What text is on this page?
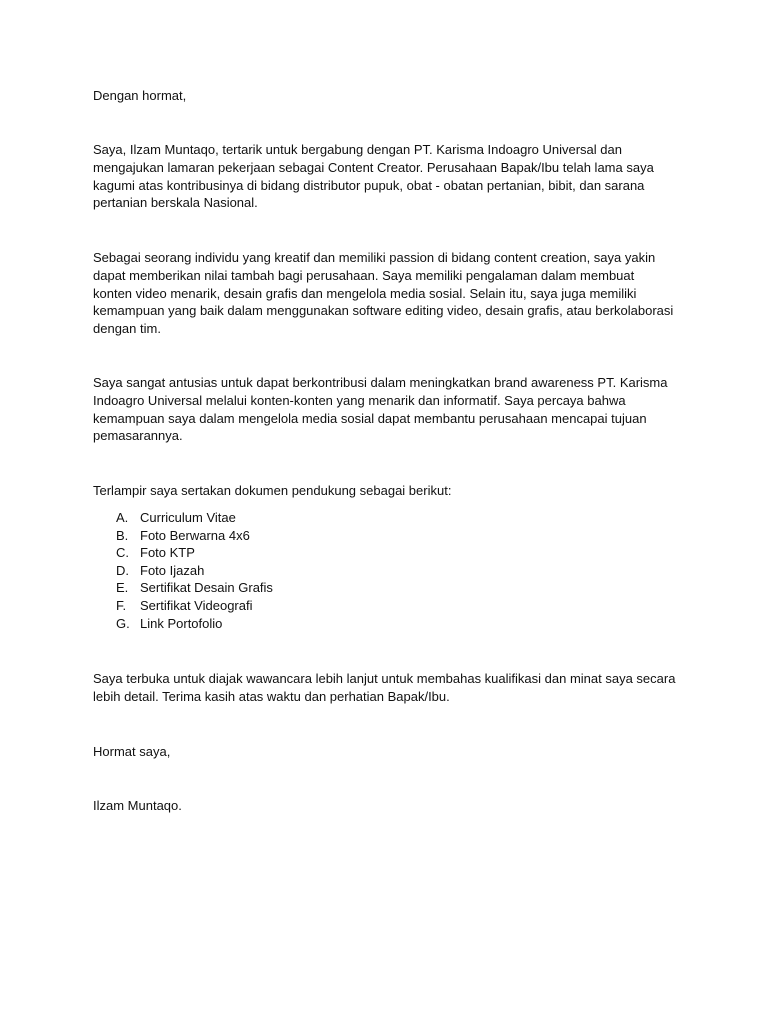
Dengan hormat,

Saya, Ilzam Muntaqo, tertarik untuk bergabung dengan PT. Karisma Indoagro Universal dan
mengajukan lamaran pekerjaan sebagai Content Creator. Perusahaan Bapak/Ibu telah lama saya
kagumi atas kontribusinya di bidang distributor pupuk, obat - obatan pertanian, bibit, dan sarana
pertanian berskala Nasional.

Sebagai seorang individu yang kreatif dan memiliki passion di bidang content creation, saya yakin
dapat memberikan nilai tambah bagi perusahaan. Saya memiliki pengalaman dalam membuat
konten video menarik, desain grafis dan mengelola media sosial. Selain itu, saya juga memiliki
kemampuan yang baik dalam menggunakan software editing video, desain grafis, atau berkolaborasi
dengan tim.

Saya sangat antusias untuk dapat berkontribusi dalam meningkatkan brand awareness PT. Karisma
Indoagro Universal melalui konten-konten yang menarik dan informatif. Saya percaya bahwa
kemampuan saya dalam mengelola media sosial dapat membantu perusahaan mencapai tujuan
pemasarannya.

Terlampir saya sertakan dokumen pendukung sebagai berikut:

A. Curriculum Vitae
B. Foto Berwarna 4x6
C. Foto KTP
D. Foto Ijazah
E. Sertifikat Desain Grafis
F. Sertifikat Videografi
G. Link Portofolio

Saya terbuka untuk diajak wawancara lebih lanjut untuk membahas kualifikasi dan minat saya secara
lebih detail. Terima kasih atas waktu dan perhatian Bapak/Ibu.

Hormat saya,

Ilzam Muntaqo.
